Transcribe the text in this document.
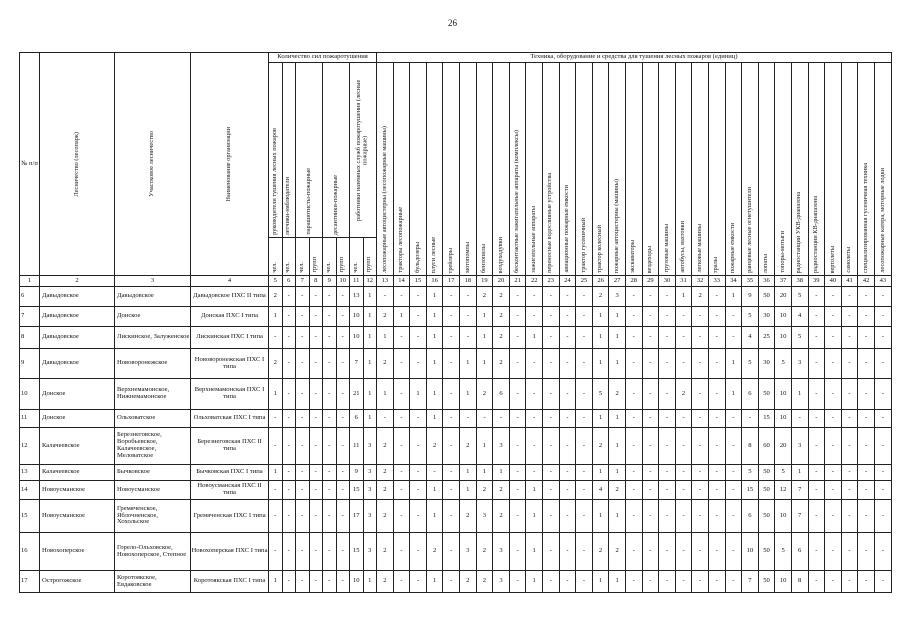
26
№ п/п	Лесничество (лесопарк)	Участковое лесничество	Наименование организации	Количество сил пожаротушения								Техника, оборудование и средства для тушения лесных пожаров (единиц)																														

				руководители тушения лесных пожаров	летчики-наблюдатели	парашютисты-пожарные		десантники-пожарные		работники наземных служб пожаротушения (лесные пожарные)		лесопожарные автоцистерны (лесопожарные машины)	тракторы лесопожарные	бульдозеры	плуги лесные	трейлеры	мотопомпы	бензопилы	воздуходувки	бесконтактные зажигательные аппараты (комплексы)	зажигательные аппараты	переносные водосливные устройства	авиационные пожарные емкости	трактор гусеничный	трактор колесный	пожарные автоцистерны (машины)	экскаваторы	вездеходы	грузовые машины	автобусы, вахтовки	легковые машины	тралы	пожарные емкости	ранцевые лесные огнетушители	лопаты	топоры-мотыги	радиостанции УКВ-диапазона	радиостанции КВ-диапазона	вертолеты	самолеты	специализированная гусеничная техника	лесопожарные катера, моторные лодки

				чел.	чел.	чел.	групп	чел.	групп	чел.	групп																															

1	2	3	4	5	6	7	8	9	10	11	12	13	14	15	16	17	18	19	20	21	22	23	24	25	26	27	28	29	30	31	32	33	34	35	36	37	38	39	40	41	42	43
6	Давыдовское	Давыдовское	Давыдовское ПХС II типа	2	-	-	-	-	-	13	1	-	-	-	1	-	-	2	2	-	-	-	-	-	2	3	-	-	-	1	2	-	1	9	50	20	5	-	-	-	-	-
7	Давыдовское	Донское	Донская ПХС I типа	1	-	-	-	-	-	10	1	2	1	-	1	-	-	1	2	-	-	-	-	-	1	1	-	-	-	-	-	-	-	5	30	10	4	-	-	-	-	-
8	Давыдовское	Лискинское, Залуженское	Лискинская ПХС I типа	-	-	-	-	-	-	10	1	1	-	-	1	-	-	1	2	-	1	-	-	-	1	1	-	-	-	-	-	-	-	4	25	10	5	-	-	-	-	-
9	Давыдовское	Нововоронежское	Нововоронежская ПХС I типа	2	-	-	-	-	-	7	1	2	-	-	1	-	1	1	2	-	-	-	-	-	1	1	-	-	-	-	-	-	1	5	30	5	3	-	-	-	-	-
10	Донское	Верхнемамонское, Нижнемамонское	Верхнемамонская ПХС I типа	1	-	-	-	-	-	21	1	1	-	1	1	-	1	2	6	-	-	-	-	-	5	2	-	-	-	2	-	-	1	6	50	10	1	-	-	-	-	-
11	Донское	Ольховатское	Ольховатская ПХС I типа	-	-	-	-	-	-	6	1	-	-	-	1	-	-	-	-	-	-	-	-	-	1	1	-	-	-	-	-	-	-	-	15	10	-	-	-	-	-	-
12	Калачеевское	Березнеговское, Воробьевское, Калачеевское, Меловатское	Березнеговская ПХС II типа	-	-	-	-	-	-	11	3	2	-	-	2	-	2	1	3	-	-	-	-	-	2	1	-	-	-	-	-	-	-	8	60	20	3	-	-	-	-	-
13	Калачеевское	Бычковское	Бычковская ПХС I типа	1	-	-	-	-	-	9	3	2	-	-	-	-	1	1	1	-	-	-	-	-	1	1	-	-	-	-	-	-	-	5	50	5	1	-	-	-	-	-
14	Новоусманское	Новоусманское	Новоусманская ПХС II типа	-	-	-	-	-	-	15	3	2	-	-	1	-	1	2	2	-	1	-	-	-	4	2	-	-	-	-	-	-	-	15	50	12	7	-	-	-	-	-
15	Новоусманское	Гремяченское, Яблочненское, Хохольское	Гремяченская ПХС I типа	-	-	-	-	-	-	17	3	2	-	-	1	-	2	3	2	-	1	-	-	-	1	1	-	-	-	-	-	-	-	6	50	10	7	-	-	-	-	-
16	Новохоперское	Горело-Ольховское, Новохоперское, Степное	Новохоперская ПХС I типа	-	-	-	-	-	-	15	3	2	-	-	2	-	3	2	3	-	1	-	-	-	2	2	-	-	-	-	-	-	-	10	50	5	6	-	-	-	-	-
17	Острогожское	Коротоякское, Евдаковское	Коротоякская ПХС I типа	1	-	-	-	-	-	10	1	2	-	-	1	-	2	2	3	-	1	-	-	-	1	1	-	-	-	-	-	-	-	7	50	10	8	-	-	-	-	-
